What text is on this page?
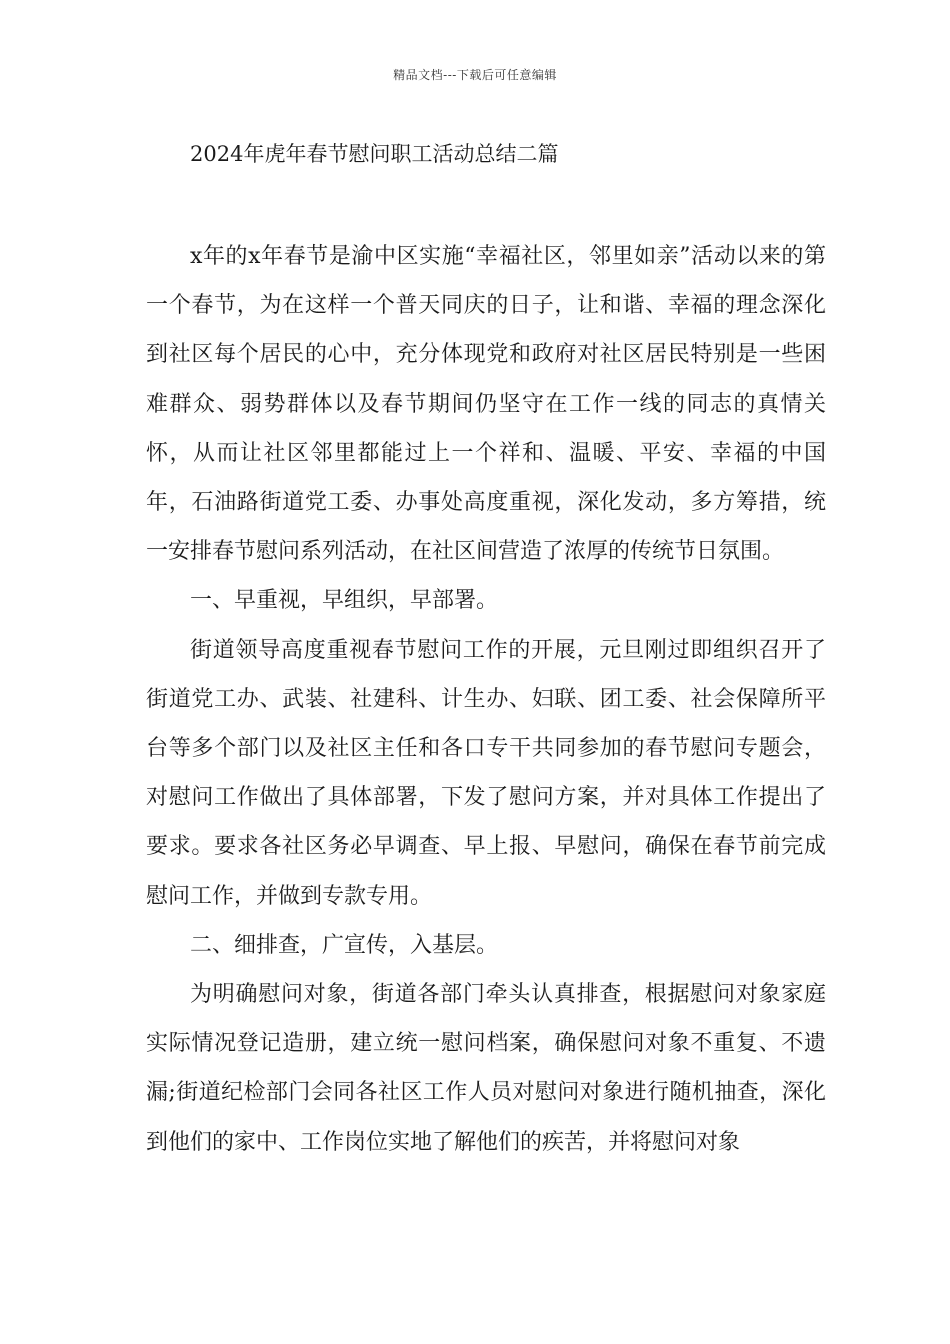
精品文档---下载后可任意编辑
2024年虎年春节慰问职工活动总结二篇

x年的x年春节是渝中区实施“幸福社区，邻里如亲”活动以来的第一个春节，为在这样一个普天同庆的日子，让和谐、幸福的理念深化到社区每个居民的心中，充分体现党和政府对社区居民特别是一些困难群众、弱势群体以及春节期间仍坚守在工作一线的同志的真情关怀，从而让社区邻里都能过上一个祥和、温暖、平安、幸福的中国年，石油路街道党工委、办事处高度重视，深化发动，多方筹措，统一安排春节慰问系列活动，在社区间营造了浓厚的传统节日氛围。

一、早重视，早组织，早部署。

街道领导高度重视春节慰问工作的开展，元旦刚过即组织召开了街道党工办、武装、社建科、计生办、妇联、团工委、社会保障所平台等多个部门以及社区主任和各口专干共同参加的春节慰问专题会，对慰问工作做出了具体部署，下发了慰问方案，并对具体工作提出了要求。要求各社区务必早调查、早上报、早慰问，确保在春节前完成慰问工作，并做到专款专用。

二、细排查，广宣传，入基层。

为明确慰问对象，街道各部门牵头认真排查，根据慰问对象家庭实际情况登记造册，建立统一慰问档案，确保慰问对象不重复、不遗漏;街道纪检部门会同各社区工作人员对慰问对象进行随机抽查，深化到他们的家中、工作岗位实地了解他们的疾苦，并将慰问对象
